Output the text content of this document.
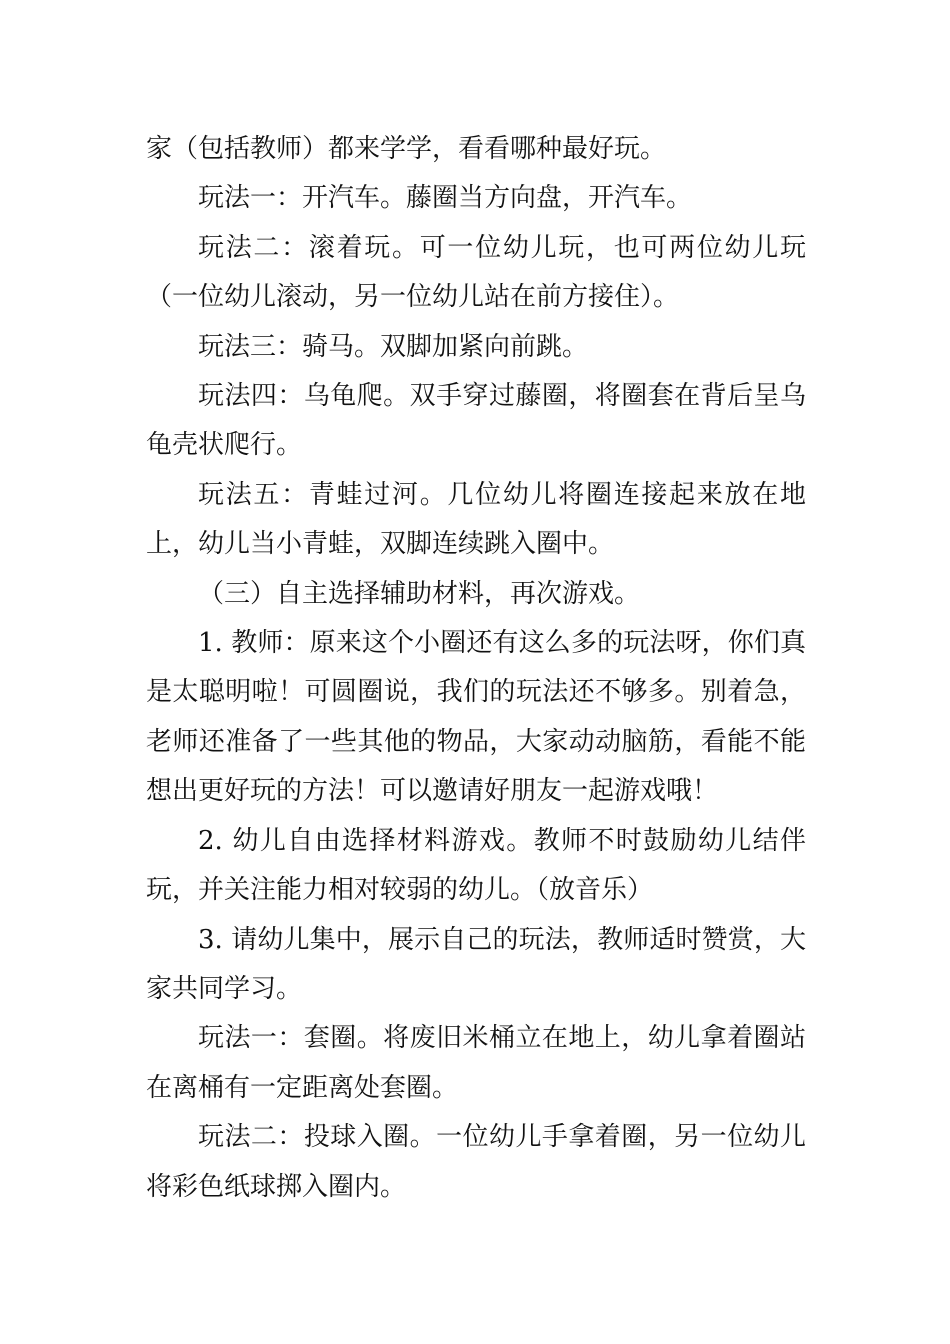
家（包括教师）都来学学，看看哪种最好玩。

玩法一：开汽车。藤圈当方向盘，开汽车。

玩法二：滚着玩。可一位幼儿玩，也可两位幼儿玩（一位幼儿滚动，另一位幼儿站在前方接住）。

玩法三：骑马。双脚加紧向前跳。

玩法四：乌龟爬。双手穿过藤圈，将圈套在背后呈乌龟壳状爬行。

玩法五：青蛙过河。几位幼儿将圈连接起来放在地上，幼儿当小青蛙，双脚连续跳入圈中。

（三）自主选择辅助材料，再次游戏。

1. 教师：原来这个小圈还有这么多的玩法呀，你们真是太聪明啦！可圆圈说，我们的玩法还不够多。别着急，老师还准备了一些其他的物品，大家动动脑筋，看能不能想出更好玩的方法！可以邀请好朋友一起游戏哦！

2. 幼儿自由选择材料游戏。教师不时鼓励幼儿结伴玩，并关注能力相对较弱的幼儿。（放音乐）

3. 请幼儿集中，展示自己的玩法，教师适时赞赏，大家共同学习。

玩法一：套圈。将废旧米桶立在地上，幼儿拿着圈站在离桶有一定距离处套圈。

玩法二：投球入圈。一位幼儿手拿着圈，另一位幼儿将彩色纸球掷入圈内。
